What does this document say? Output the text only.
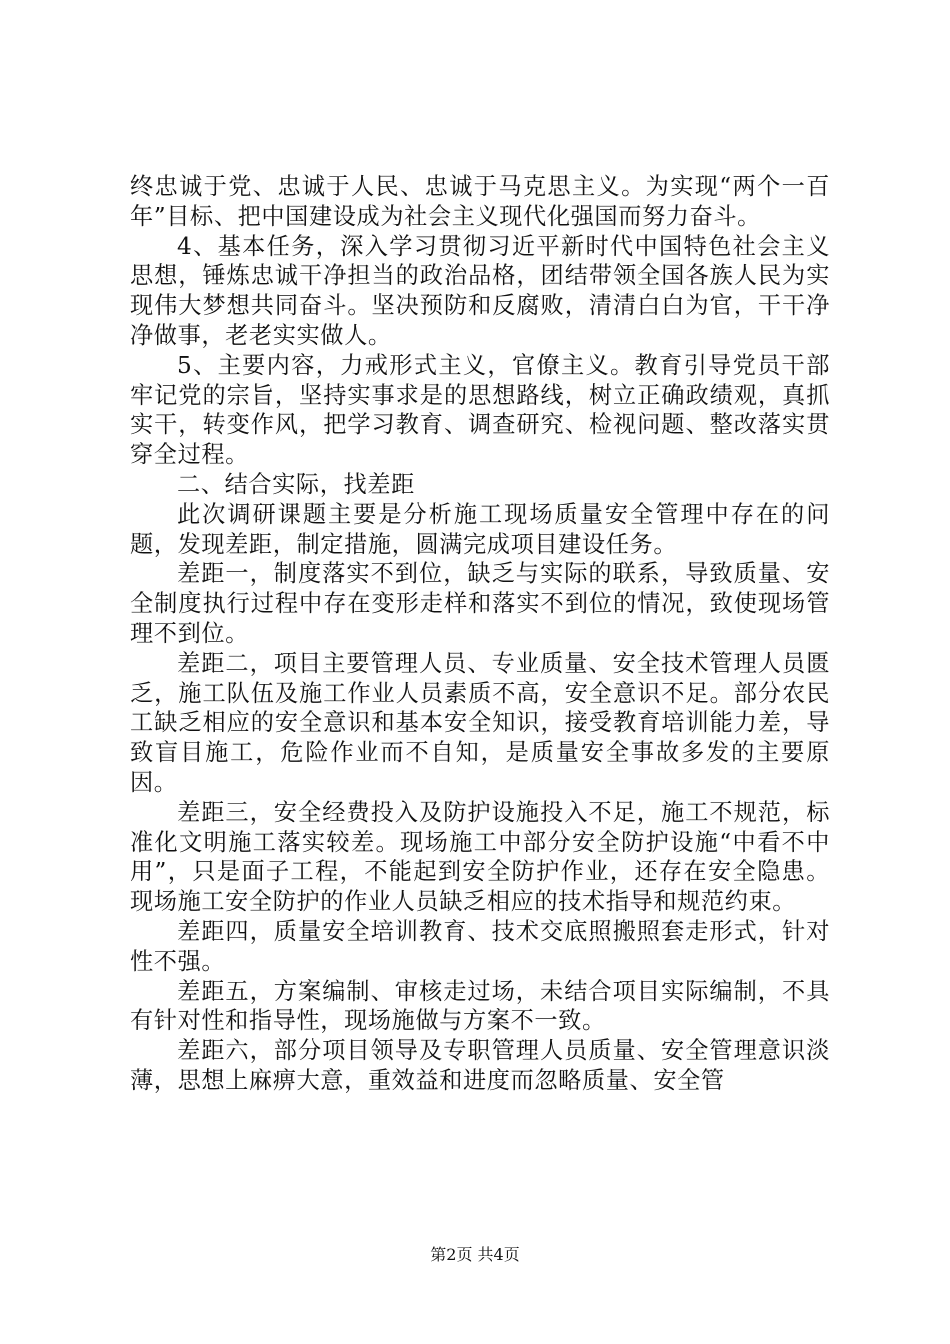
终忠诚于党、忠诚于人民、忠诚于马克思主义。为实现“两个一百年”目标、把中国建设成为社会主义现代化强国而努力奋斗。

4、基本任务，深入学习贯彻习近平新时代中国特色社会主义思想，锤炼忠诚干净担当的政治品格，团结带领全国各族人民为实现伟大梦想共同奋斗。坚决预防和反腐败，清清白白为官，干干净净做事，老老实实做人。

5、主要内容，力戒形式主义，官僚主义。教育引导党员干部牢记党的宗旨，坚持实事求是的思想路线，树立正确政绩观，真抓实干，转变作风，把学习教育、调查研究、检视问题、整改落实贯穿全过程。

二、结合实际，找差距

此次调研课题主要是分析施工现场质量安全管理中存在的问题，发现差距，制定措施，圆满完成项目建设任务。

差距一，制度落实不到位，缺乏与实际的联系，导致质量、安全制度执行过程中存在变形走样和落实不到位的情况，致使现场管理不到位。

差距二，项目主要管理人员、专业质量、安全技术管理人员匮乏，施工队伍及施工作业人员素质不高，安全意识不足。部分农民工缺乏相应的安全意识和基本安全知识，接受教育培训能力差，导致盲目施工，危险作业而不自知，是质量安全事故多发的主要原因。

差距三，安全经费投入及防护设施投入不足，施工不规范，标准化文明施工落实较差。现场施工中部分安全防护设施“中看不中用”，只是面子工程，不能起到安全防护作业，还存在安全隐患。现场施工安全防护的作业人员缺乏相应的技术指导和规范约束。

差距四，质量安全培训教育、技术交底照搬照套走形式，针对性不强。

差距五，方案编制、审核走过场，未结合项目实际编制，不具有针对性和指导性，现场施做与方案不一致。

差距六，部分项目领导及专职管理人员质量、安全管理意识淡薄，思想上麻痹大意，重效益和进度而忽略质量、安全管

第2页 共4页
